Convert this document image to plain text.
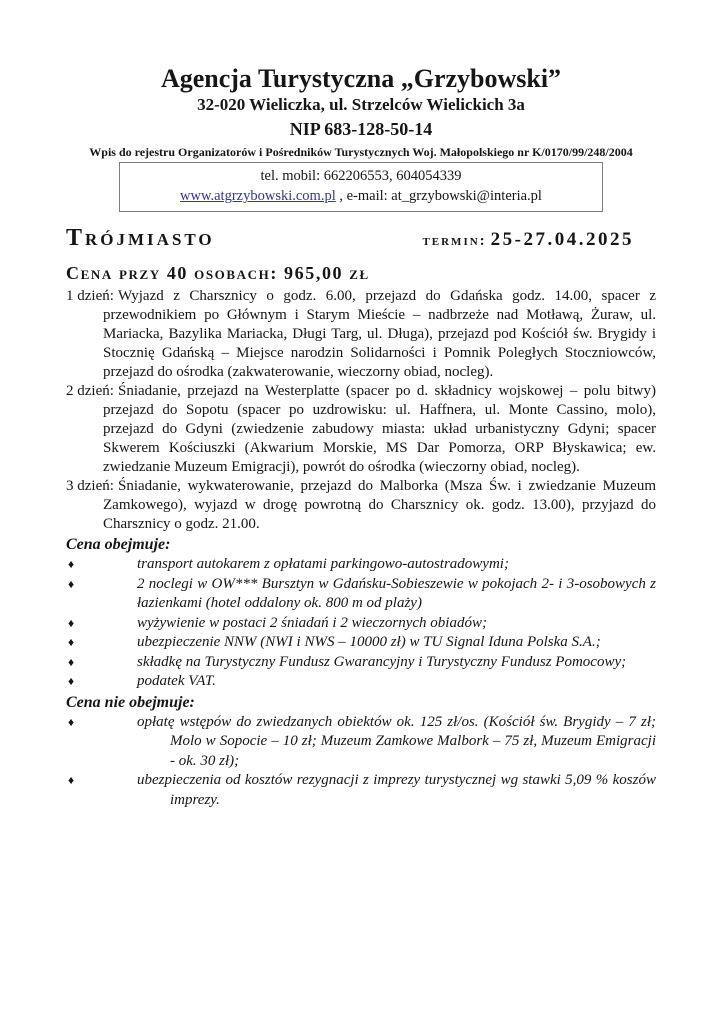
Agencja Turystyczna „Grzybowski”
32-020 Wieliczka, ul. Strzelców Wielickich 3a
NIP 683-128-50-14
Wpis do rejestru Organizatorów i Pośredników Turystycznych Woj. Małopolskiego nr K/0170/99/248/2004
tel. mobil: 662206553, 604054339
www.atgrzybowski.com.pl , e-mail: at_grzybowski@interia.pl
Trójmiasto	termin: 25-27.04.2025
Cena przy 40 osobach: 965,00 zł
1 dzień: Wyjazd z Charsznicy o godz. 6.00, przejazd do Gdańska godz. 14.00, spacer z przewodnikiem po Głównym i Starym Mieście – nadbrzeże nad Motławą, Żuraw, ul. Mariacka, Bazylika Mariacka, Długi Targ, ul. Długa), przejazd pod Kościół św. Brygidy i Stocznię Gdańską – Miejsce narodzin Solidarności i Pomnik Poległych Stoczniowców, przejazd do ośrodka (zakwaterowanie, wieczorny obiad, nocleg).
2 dzień: Śniadanie, przejazd na Westerplatte (spacer po d. składnicy wojskowej – polu bitwy) przejazd do Sopotu (spacer po uzdrowisku: ul. Haffnera, ul. Monte Cassino, molo), przejazd do Gdyni (zwiedzenie zabudowy miasta: układ urbanistyczny Gdyni; spacer Skwerem Kościuszki (Akwarium Morskie, MS Dar Pomorza, ORP Błyskawica; ew. zwiedzanie Muzeum Emigracji), powrót do ośrodka (wieczorny obiad, nocleg).
3 dzień: Śniadanie, wykwaterowanie, przejazd do Malborka (Msza Św. i zwiedzanie Muzeum Zamkowego), wyjazd w drogę powrotną do Charsznicy ok. godz. 13.00), przyjazd do Charsznicy o godz. 21.00.
Cena obejmuje:
♦	transport autokarem z opłatami parkingowo-autostradowymi;
♦	2 noclegi w OW*** Bursztyn w Gdańsku-Sobieszewie w pokojach 2- i 3-osobowych z łazienkami (hotel oddalony ok. 800 m od plaży)
♦	wyżywienie w postaci 2 śniadań i 2 wieczornych obiadów;
♦	ubezpieczenie NNW (NWI i NWS – 10000 zł) w TU Signal Iduna Polska S.A.;
♦	składkę na Turystyczny Fundusz Gwarancyjny i Turystyczny Fundusz Pomocowy;
♦	podatek VAT.
Cena nie obejmuje:
♦	opłatę wstępów do zwiedzanych obiektów ok. 125 zł/os. (Kościół św. Brygidy – 7 zł; Molo w Sopocie – 10 zł; Muzeum Zamkowe Malbork – 75 zł, Muzeum Emigracji - ok. 30 zł);
♦	ubezpieczenia od kosztów rezygnacji z imprezy turystycznej wg stawki 5,09 % koszów imprezy.
